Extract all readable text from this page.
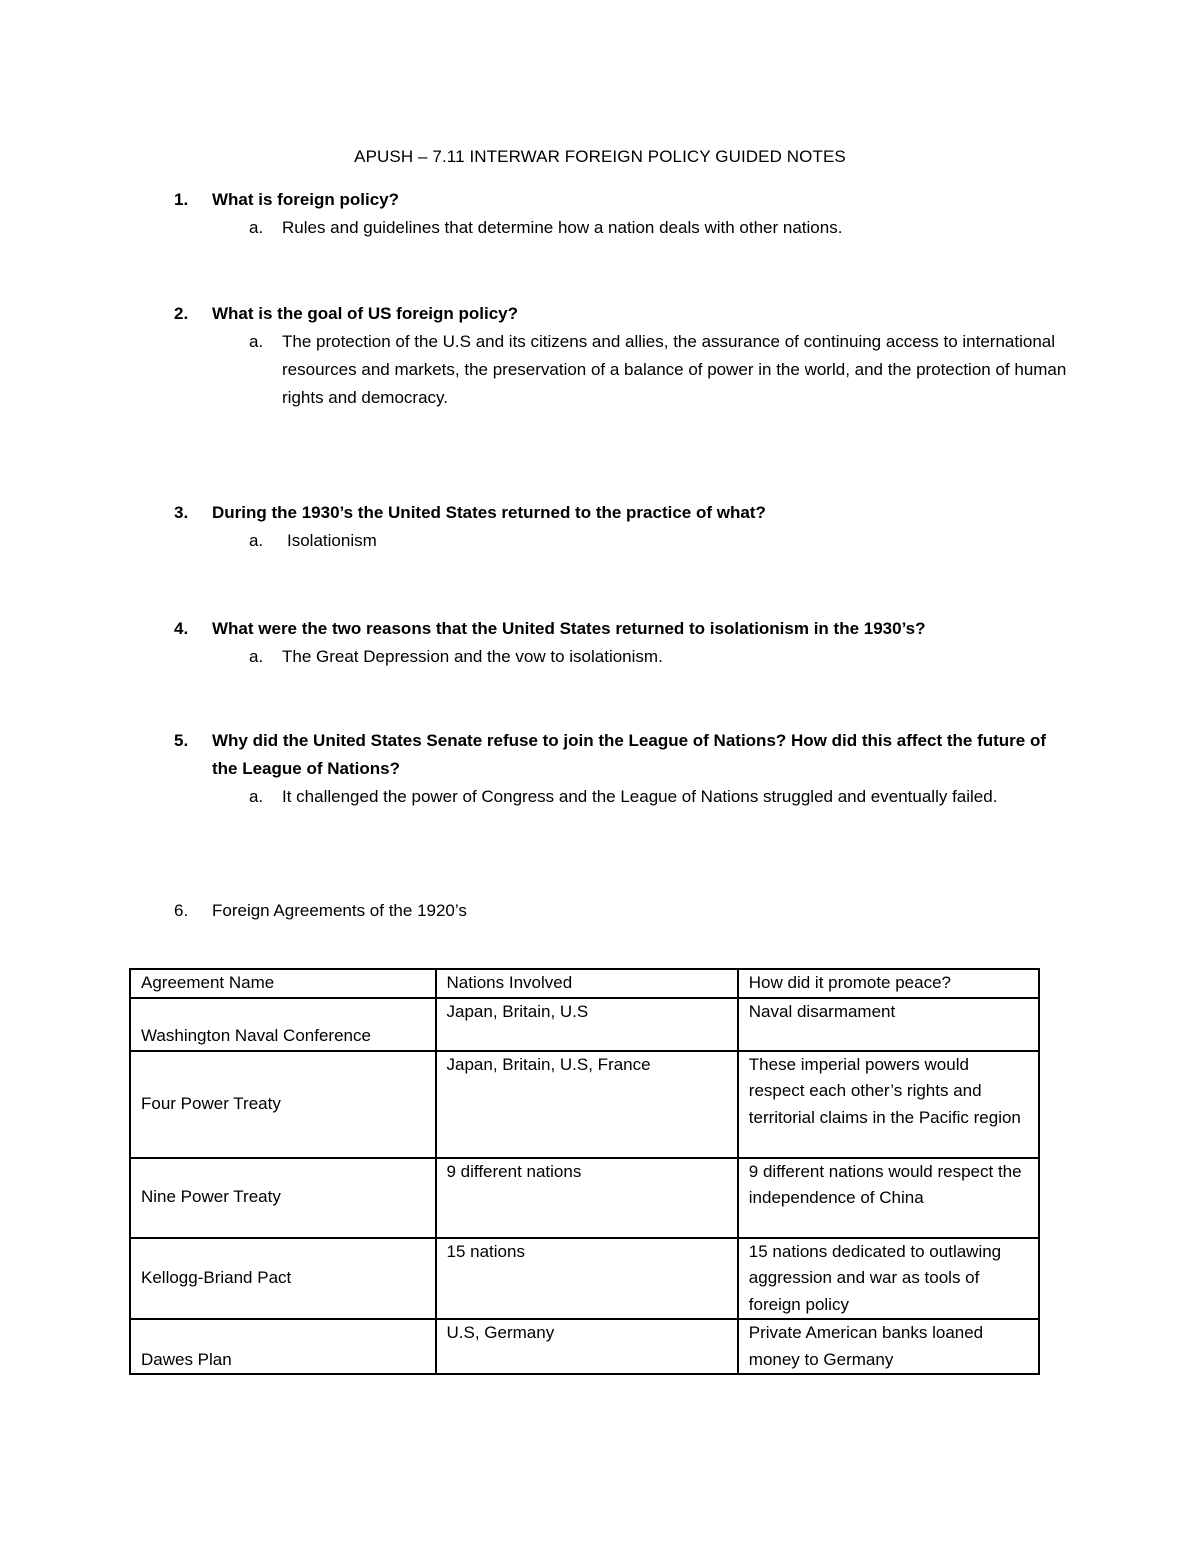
APUSH – 7.11 INTERWAR FOREIGN POLICY GUIDED NOTES
1.	What is foreign policy?
a. Rules and guidelines that determine how a nation deals with other nations.
2.	What is the goal of US foreign policy?
a. The protection of the U.S and its citizens and allies, the assurance of continuing access to international resources and markets, the preservation of a balance of power in the world, and the protection of human rights and democracy.
3.	During the 1930’s the United States returned to the practice of what?
a. Isolationism
4.	What were the two reasons that the United States returned to isolationism in the 1930’s?
a. The Great Depression and the vow to isolationism.
5.	Why did the United States Senate refuse to join the League of Nations? How did this affect the future of the League of Nations?
a. It challenged the power of Congress and the League of Nations struggled and eventually failed.
6.	Foreign Agreements of the 1920’s
Agreement Name	Nations Involved	How did it promote peace?
Washington Naval Conference	Japan, Britain, U.S	Naval disarmament
Four Power Treaty	Japan, Britain, U.S, France	These imperial powers would respect each other’s rights and territorial claims in the Pacific region
Nine Power Treaty	9 different nations	9 different nations would respect the independence of China
Kellogg-Briand Pact	15 nations	15 nations dedicated to outlawing aggression and war as tools of foreign policy
Dawes Plan	U.S, Germany	Private American banks loaned money to Germany
